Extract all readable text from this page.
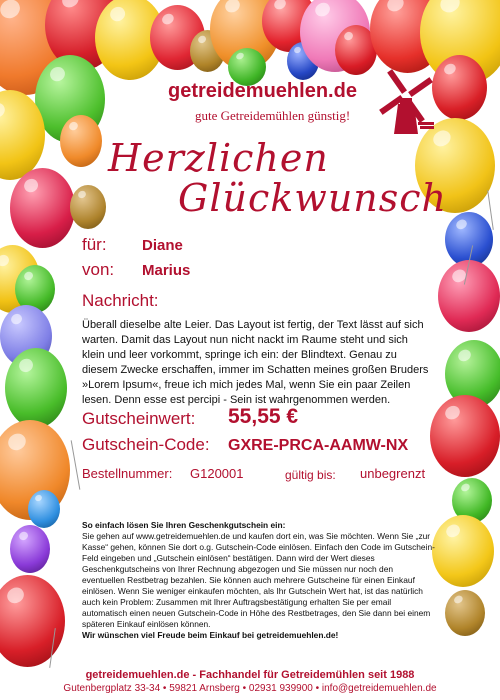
getreidemuehlen.de
gute Getreidemühlen günstig!
Herzlichen
Glückwunsch
für: Diane
von: Marius
Nachricht:
Überall dieselbe alte Leier. Das Layout ist fertig, der Text lässt auf sich warten. Damit das Layout nun nicht nackt im Raume steht und sich klein und leer vorkommt, springe ich ein: der Blindtext. Genau zu diesem Zwecke erschaffen, immer im Schatten meines großen Bruders »Lorem Ipsum«, freue ich mich jedes Mal, wenn Sie ein paar Zeilen lesen. Denn esse est percipi - Sein ist wahrgenommen werden.
Gutscheinwert: 55,55 €
Gutschein-Code: GXRE-PRCA-AAMW-NX
Bestellnummer: G120001	gültig bis: unbegrenzt
So einfach lösen Sie Ihren Geschenkgutschein ein:
Sie gehen auf www.getreidemuehlen.de und kaufen dort ein, was Sie möchten. Wenn Sie „zur Kasse“ gehen, können Sie dort o.g. Gutschein-Code einlösen. Einfach den Code im Gutschein-Feld eingeben und „Gutschein einlösen“ bestätigen. Dann wird der Wert dieses Geschenkgutscheins von Ihrer Rechnung abgezogen und Sie müssen nur noch den eventuellen Restbetrag bezahlen. Sie können auch mehrere Gutscheine für einen Einkauf einlösen. Wenn Sie weniger einkaufen möchten, als Ihr Gutschein Wert hat, ist das natürlich auch kein Problem: Zusammen mit Ihrer Auftragsbestätigung erhalten Sie per email automatisch einen neuen Gutschein-Code in Höhe des Restbetrages, den Sie dann bei einem späteren Einkauf einlösen können.
Wir wünschen viel Freude beim Einkauf bei getreidemuehlen.de!
getreidemuehlen.de - Fachhandel für Getreidemühlen seit 1988
Gutenbergplatz 33-34 • 59821 Arnsberg • 02931 939900 • info@getreidemuehlen.de
